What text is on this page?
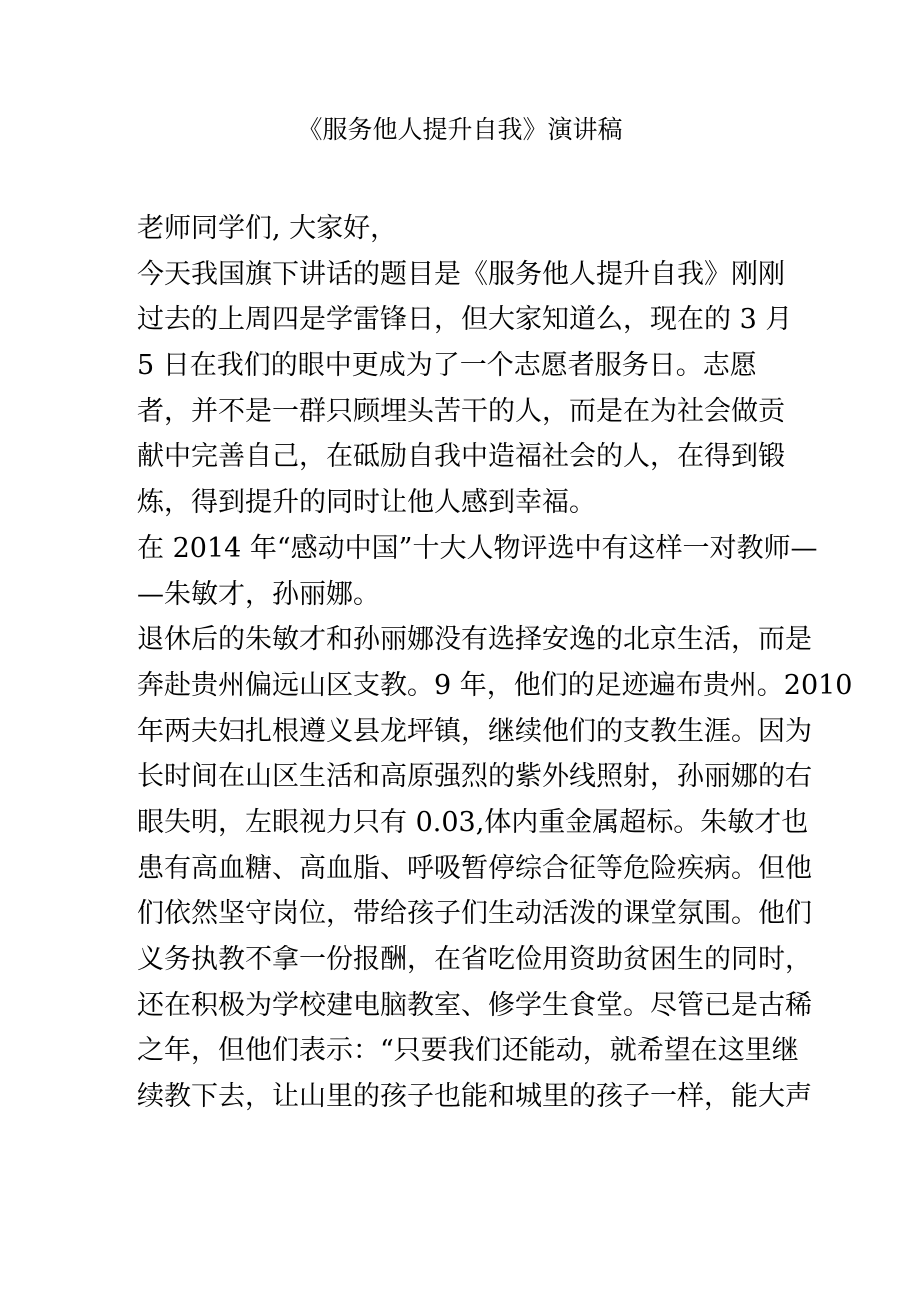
《服务他人提升自我》演讲稿
老师同学们, 大家好，
今天我国旗下讲话的题目是《服务他人提升自我》刚刚
过去的上周四是学雷锋日，但大家知道么，现在的 3 月
5 日在我们的眼中更成为了一个志愿者服务日。志愿
者，并不是一群只顾埋头苦干的人，而是在为社会做贡
献中完善自己，在砥励自我中造福社会的人，在得到锻
炼，得到提升的同时让他人感到幸福。
在 2014 年“感动中国”十大人物评选中有这样一对教师—
—朱敏才，孙丽娜。
退休后的朱敏才和孙丽娜没有选择安逸的北京生活，而是
奔赴贵州偏远山区支教。9 年，他们的足迹遍布贵州。2010
年两夫妇扎根遵义县龙坪镇，继续他们的支教生涯。因为
长时间在山区生活和高原强烈的紫外线照射，孙丽娜的右
眼失明，左眼视力只有 0.03,体内重金属超标。朱敏才也
患有高血糖、高血脂、呼吸暂停综合征等危险疾病。但他
们依然坚守岗位，带给孩子们生动活泼的课堂氛围。他们
义务执教不拿一份报酬，在省吃俭用资助贫困生的同时，
还在积极为学校建电脑教室、修学生食堂。尽管已是古稀
之年，但他们表示：“只要我们还能动，就希望在这里继
续教下去，让山里的孩子也能和城里的孩子一样，能大声
